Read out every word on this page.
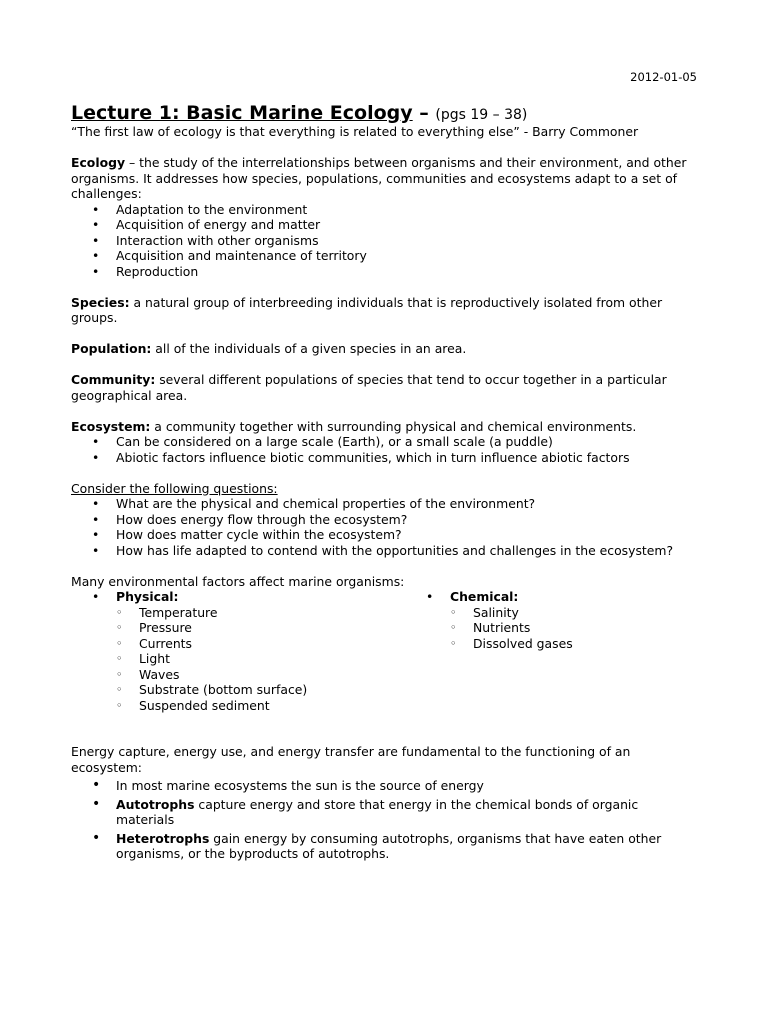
2012-01-05
Lecture 1: Basic Marine Ecology – (pgs 19 – 38)

“The first law of ecology is that everything is related to everything else” - Barry Commoner

Ecology – the study of the interrelationships between organisms and their environment, and other organisms. It addresses how species, populations, communities and ecosystems adapt to a set of challenges:

• Adaptation to the environment
• Acquisition of energy and matter
• Interaction with other organisms
• Acquisition and maintenance of territory
• Reproduction

Species: a natural group of interbreeding individuals that is reproductively isolated from other groups.

Population: all of the individuals of a given species in an area.

Community: several different populations of species that tend to occur together in a particular geographical area.

Ecosystem: a community together with surrounding physical and chemical environments.

• Can be considered on a large scale (Earth), or a small scale (a puddle)
• Abiotic factors influence biotic communities, which in turn influence abiotic factors

Consider the following questions:

• What are the physical and chemical properties of the environment?
• How does energy flow through the ecosystem?
• How does matter cycle within the ecosystem?
• How has life adapted to contend with the opportunities and challenges in the ecosystem?

Many environmental factors affect marine organisms:

• Physical:
◦ Temperature
◦ Pressure
◦ Currents
◦ Light
◦ Waves
◦ Substrate (bottom surface)
◦ Suspended sediment
• Chemical:
◦ Salinity
◦ Nutrients
◦ Dissolved gases

Energy capture, energy use, and energy transfer are fundamental to the functioning of an ecosystem:

• In most marine ecosystems the sun is the source of energy
• Autotrophs capture energy and store that energy in the chemical bonds of organic materials
• Heterotrophs gain energy by consuming autotrophs, organisms that have eaten other organisms, or the byproducts of autotrophs.
